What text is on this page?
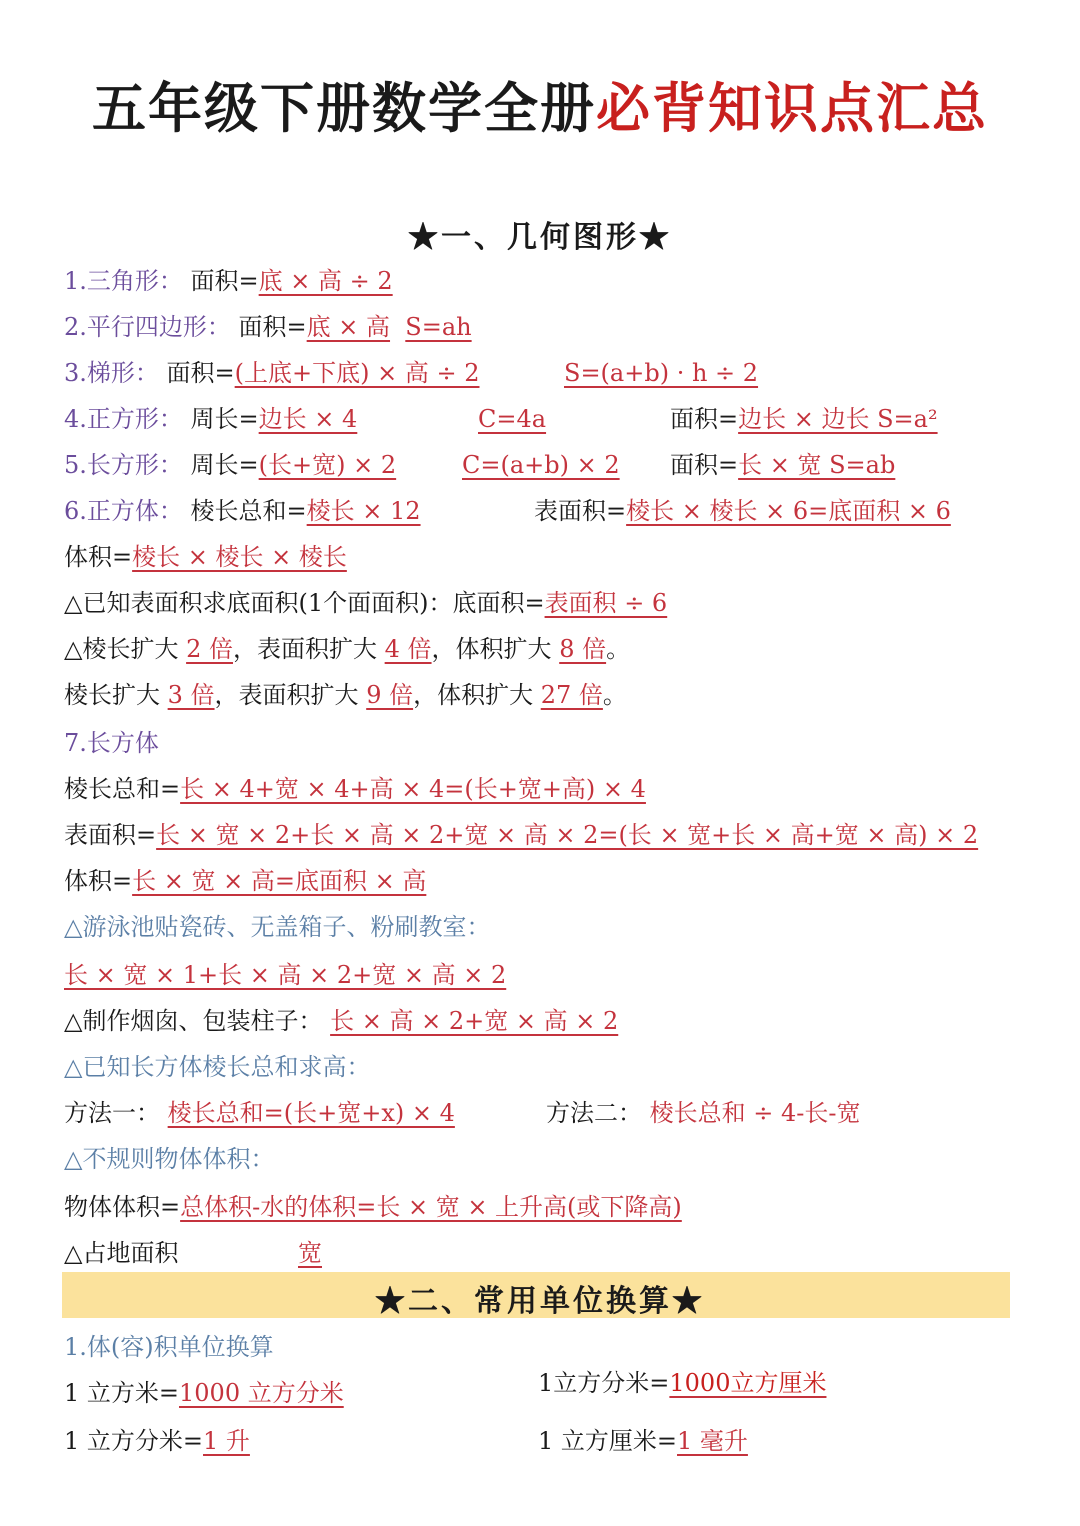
五年级下册数学全册必背知识点汇总
★一、几何图形★
1.三角形： 面积=底 × 高 ÷ 2
2.平行四边形： 面积=底 × 高 S=ah
3.梯形： 面积=(上底+下底) × 高 ÷ 2	S=(a+b) · h ÷ 2
4.正方形： 周长=边长 × 4	C=4a	面积=边长 × 边长 S=a²
5.长方形： 周长=(长+宽) × 2	C=(a+b) × 2 面积=长 × 宽 S=ab
6.正方体： 棱长总和=棱长 × 12	表面积=棱长 × 棱长 × 6=底面积 × 6
体积=棱长 × 棱长 × 棱长
△已知表面积求底面积(1个面面积)：底面积=表面积 ÷ 6
△棱长扩大 2 倍，表面积扩大 4 倍，体积扩大 8 倍。
棱长扩大 3 倍，表面积扩大 9 倍，体积扩大 27 倍。
7.长方体
棱长总和=长 × 4+宽 × 4+高 × 4=(长+宽+高) × 4
表面积=长 × 宽 × 2+长 × 高 × 2+宽 × 高 × 2=(长 × 宽+长 × 高+宽 × 高) × 2
体积=长 × 宽 × 高=底面积 × 高
△游泳池贴瓷砖、无盖箱子、粉刷教室：
长 × 宽 × 1+长 × 高 × 2+宽 × 高 × 2
△制作烟囱、包装柱子： 长 × 高 × 2+宽 × 高 × 2
△已知长方体棱长总和求高：
方法一： 棱长总和=(长+宽+x) × 4	方法二： 棱长总和 ÷ 4-长-宽
△不规则物体体积：
物体体积=总体积-水的体积=长 × 宽 × 上升高(或下降高)
△占地面积	宽
★二、常用单位换算★
1.体(容)积单位换算
1 立方米=1000 立方分米	1立方分米=1000立方厘米
1 立方分米=1 升	1 立方厘米=1 毫升
